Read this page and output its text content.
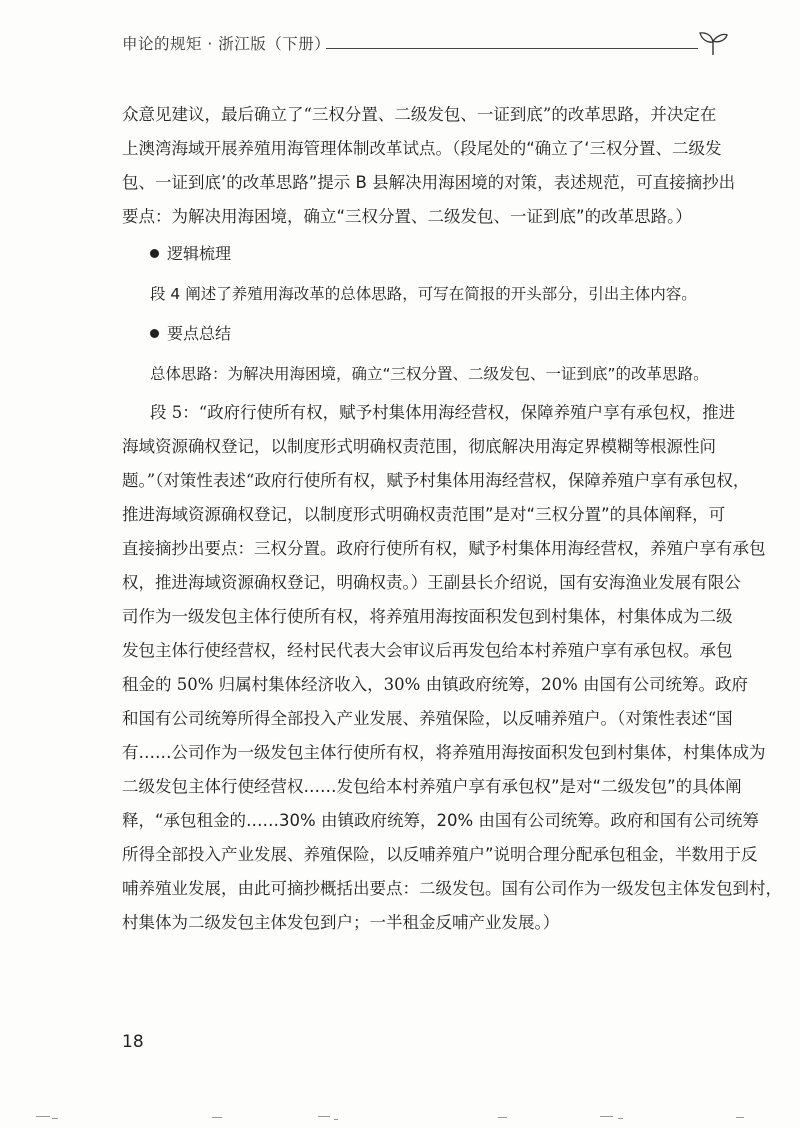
申论的规矩 · 浙江版（下册）

众意见建议，最后确立了“三权分置、二级发包、一证到底”的改革思路，并决定在
上澳湾海域开展养殖用海管理体制改革试点。（段尾处的“确立了‘三权分置、二级发
包、一证到底’的改革思路”提示 B 县解决用海困境的对策，表述规范，可直接摘抄出
要点：为解决用海困境，确立“三权分置、二级发包、一证到底”的改革思路。）

逻辑梳理
段 4 阐述了养殖用海改革的总体思路，可写在简报的开头部分，引出主体内容。
要点总结
总体思路：为解决用海困境，确立“三权分置、二级发包、一证到底”的改革思路。

段 5：“政府行使所有权，赋予村集体用海经营权，保障养殖户享有承包权，推进
海域资源确权登记，以制度形式明确权责范围，彻底解决用海定界模糊等根源性问
题。”（对策性表述“政府行使所有权，赋予村集体用海经营权，保障养殖户享有承包权，
推进海域资源确权登记，以制度形式明确权责范围”是对“三权分置”的具体阐释，可
直接摘抄出要点：三权分置。政府行使所有权，赋予村集体用海经营权，养殖户享有承包
权，推进海域资源确权登记，明确权责。）王副县长介绍说，国有安海渔业发展有限公
司作为一级发包主体行使所有权，将养殖用海按面积发包到村集体，村集体成为二级
发包主体行使经营权，经村民代表大会审议后再发包给本村养殖户享有承包权。承包
租金的 50% 归属村集体经济收入，30% 由镇政府统筹，20% 由国有公司统筹。政府
和国有公司统筹所得全部投入产业发展、养殖保险，以反哺养殖户。（对策性表述“国
有……公司作为一级发包主体行使所有权，将养殖用海按面积发包到村集体，村集体成为
二级发包主体行使经营权……发包给本村养殖户享有承包权”是对“二级发包”的具体阐
释，“承包租金的……30% 由镇政府统筹，20% 由国有公司统筹。政府和国有公司统筹
所得全部投入产业发展、养殖保险，以反哺养殖户”说明合理分配承包租金，半数用于反
哺养殖业发展，由此可摘抄概括出要点：二级发包。国有公司作为一级发包主体发包到村，
村集体为二级发包主体发包到户；一半租金反哺产业发展。）

18
